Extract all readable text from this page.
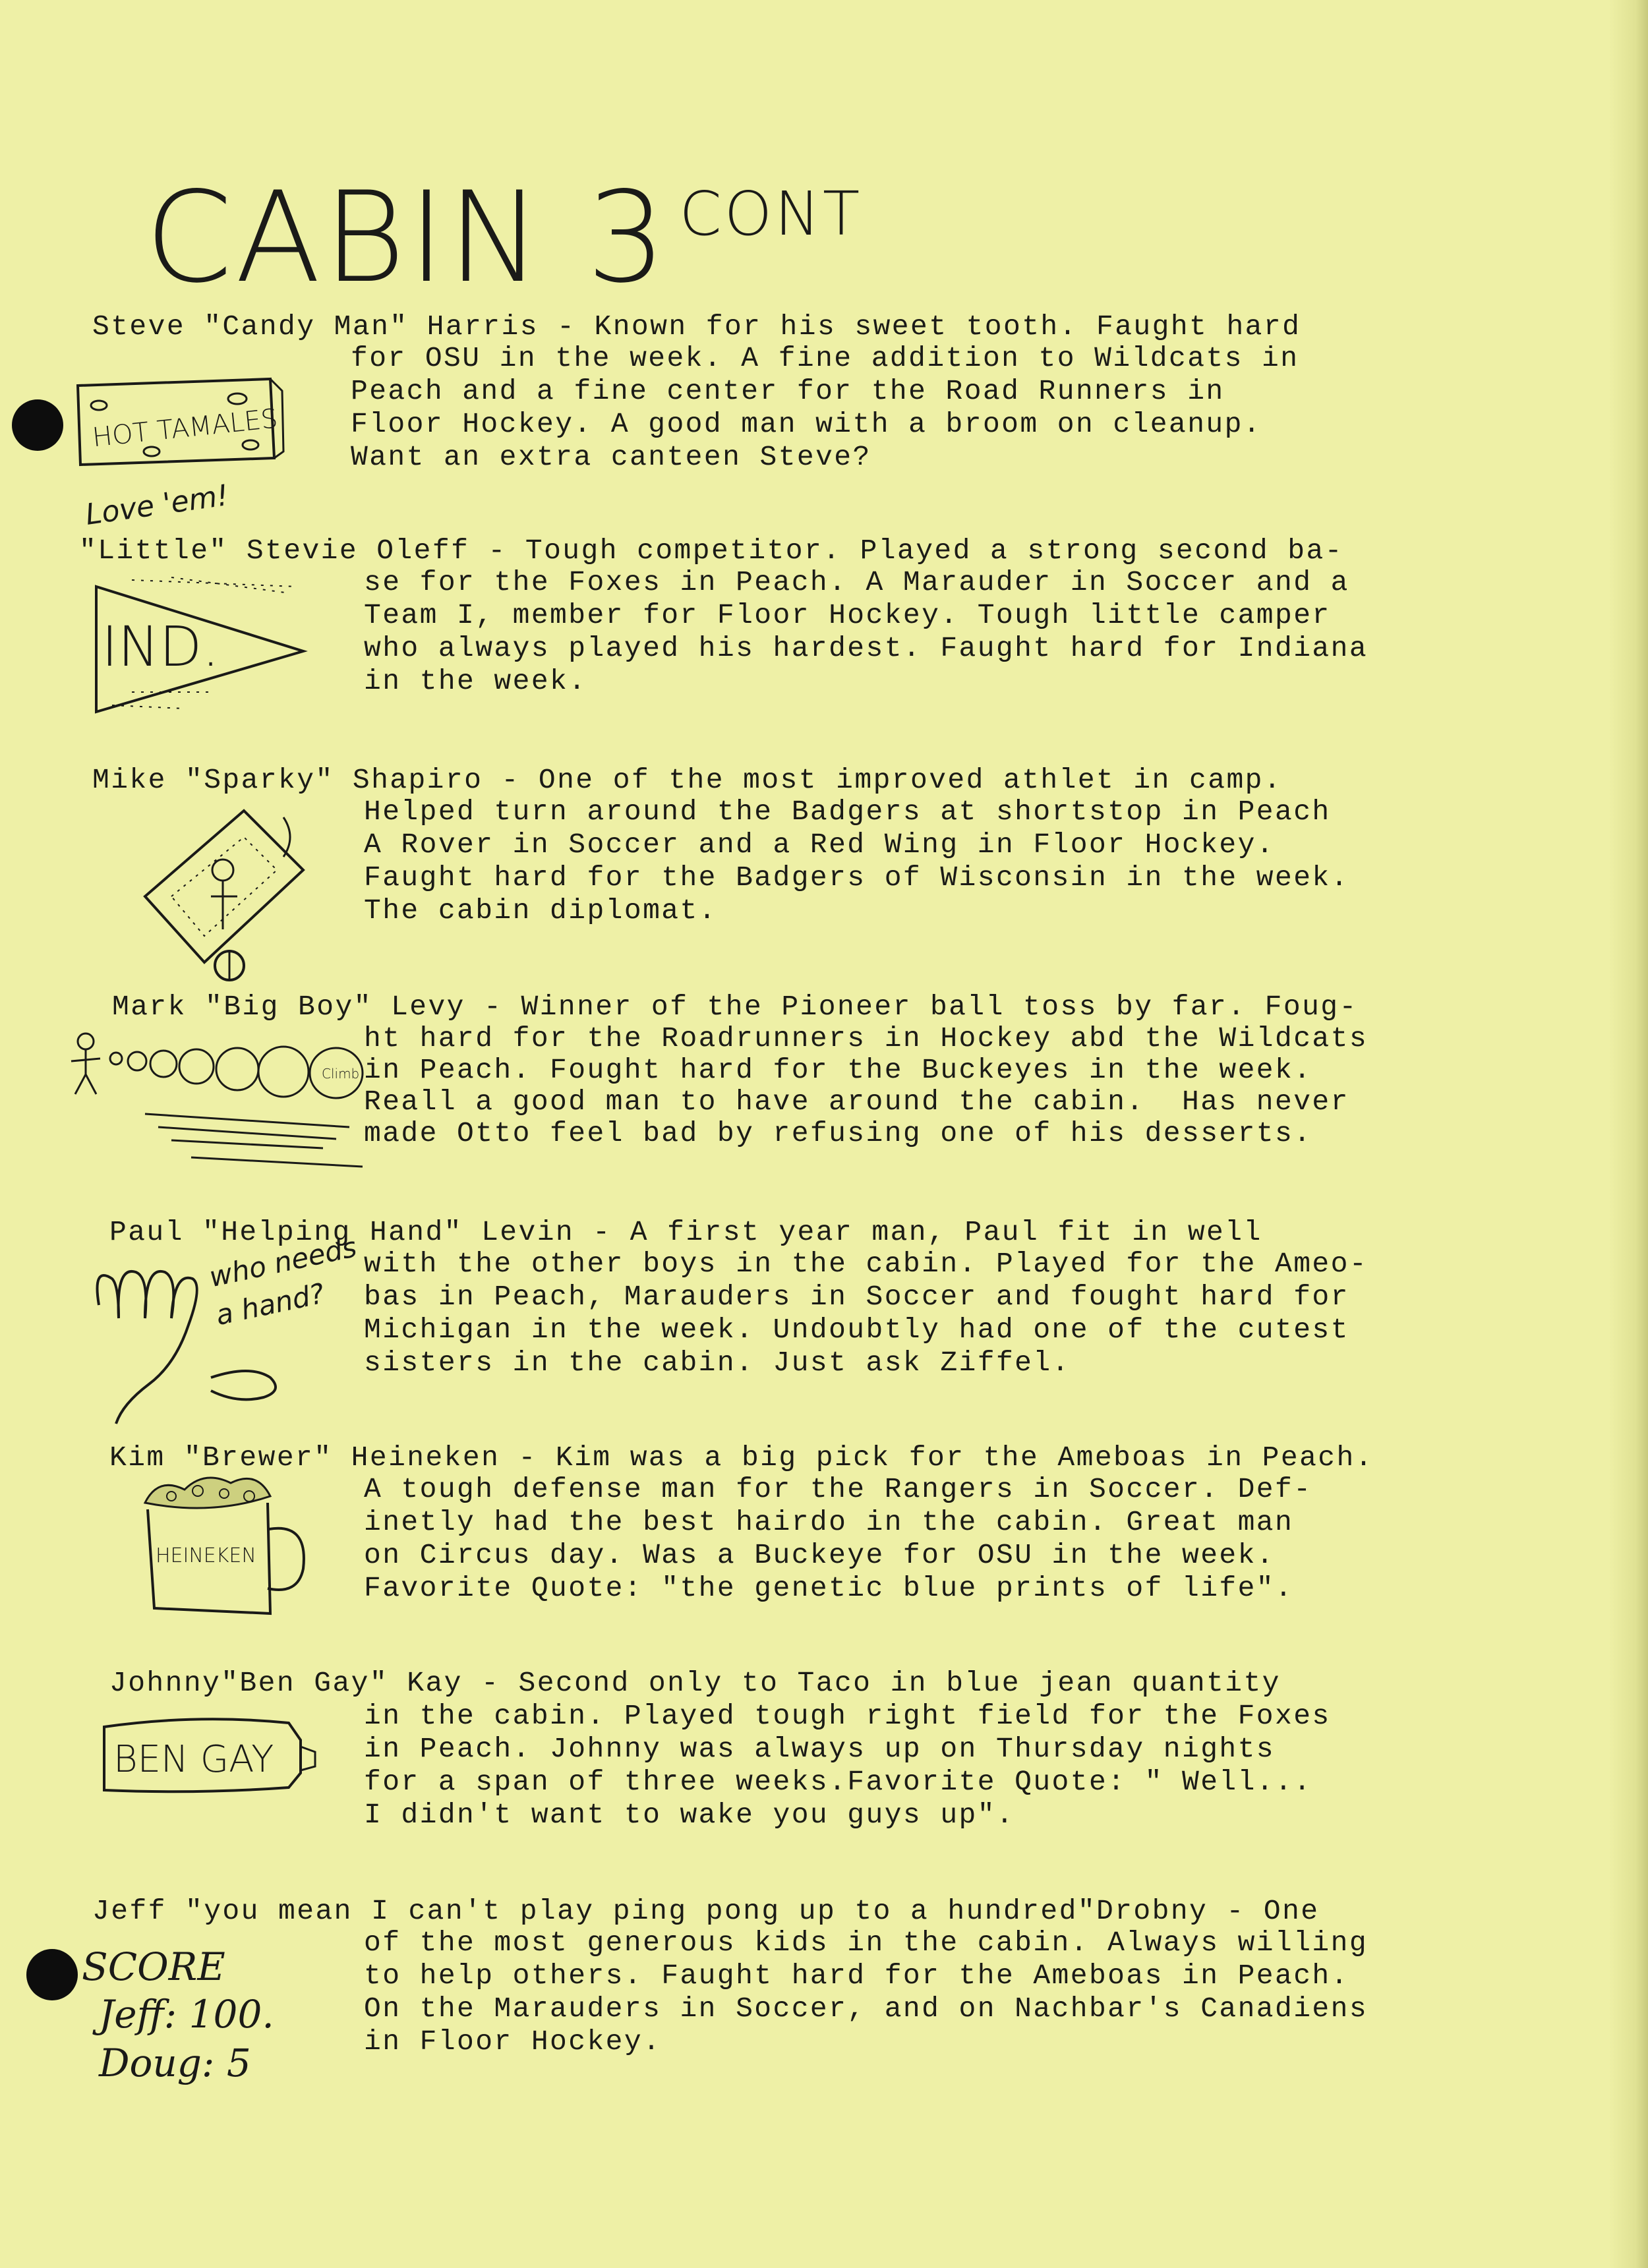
CABIN 3 CONT
Steve "Candy Man" Harris - Known for his sweet tooth. Faught hard
for OSU in the week. A fine addition to Wildcats in
Peach and a fine center for the Road Runners in
Floor Hockey. A good man with a broom on cleanup.
Want an extra canteen Steve?
"Little" Stevie Oleff - Tough competitor. Played a strong second ba-
se for the Foxes in Peach. A Marauder in Soccer and a
Team I, member for Floor Hockey. Tough little camper
who always played his hardest. Faught hard for Indiana
in the week.
Mike "Sparky" Shapiro - One of the most improved athlet in camp.
Helped turn around the Badgers at shortstop in Peach
A Rover in Soccer and a Red Wing in Floor Hockey.
Faught hard for the Badgers of Wisconsin in the week.
The cabin diplomat.
Mark "Big Boy" Levy - Winner of the Pioneer ball toss by far. Foug-
ht hard for the Roadrunners in Hockey abd the Wildcats
in Peach. Fought hard for the Buckeyes in the week.
Reall a good man to have around the cabin.  Has never
made Otto feel bad by refusing one of his desserts.
Paul "Helping Hand" Levin - A first year man, Paul fit in well
with the other boys in the cabin. Played for the Ameo-
bas in Peach, Marauders in Soccer and fought hard for
Michigan in the week. Undoubtly had one of the cutest
sisters in the cabin. Just ask Ziffel.
Kim "Brewer" Heineken - Kim was a big pick for the Ameboas in Peach.
A tough defense man for the Rangers in Soccer. Def-
inetly had the best hairdo in the cabin. Great man
on Circus day. Was a Buckeye for OSU in the week.
Favorite Quote: "the genetic blue prints of life".
Johnny"Ben Gay" Kay - Second only to Taco in blue jean quantity
in the cabin. Played tough right field for the Foxes
in Peach. Johnny was always up on Thursday nights
for a span of three weeks.Favorite Quote: " Well...
I didn't want to wake you guys up".
Jeff "you mean I can't play ping pong up to a hundred"Drobny - One
of the most generous kids in the cabin. Always willing
to help others. Faught hard for the Ameboas in Peach.
On the Marauders in Soccer, and on Nachbar's Canadiens
in Floor Hockey.
HOT TAMALES
Love 'em!
IND.
Climb
who needs
a hand?
HEINEKEN
BEN GAY
SCORE
Jeff: 100.
Doug: 5
